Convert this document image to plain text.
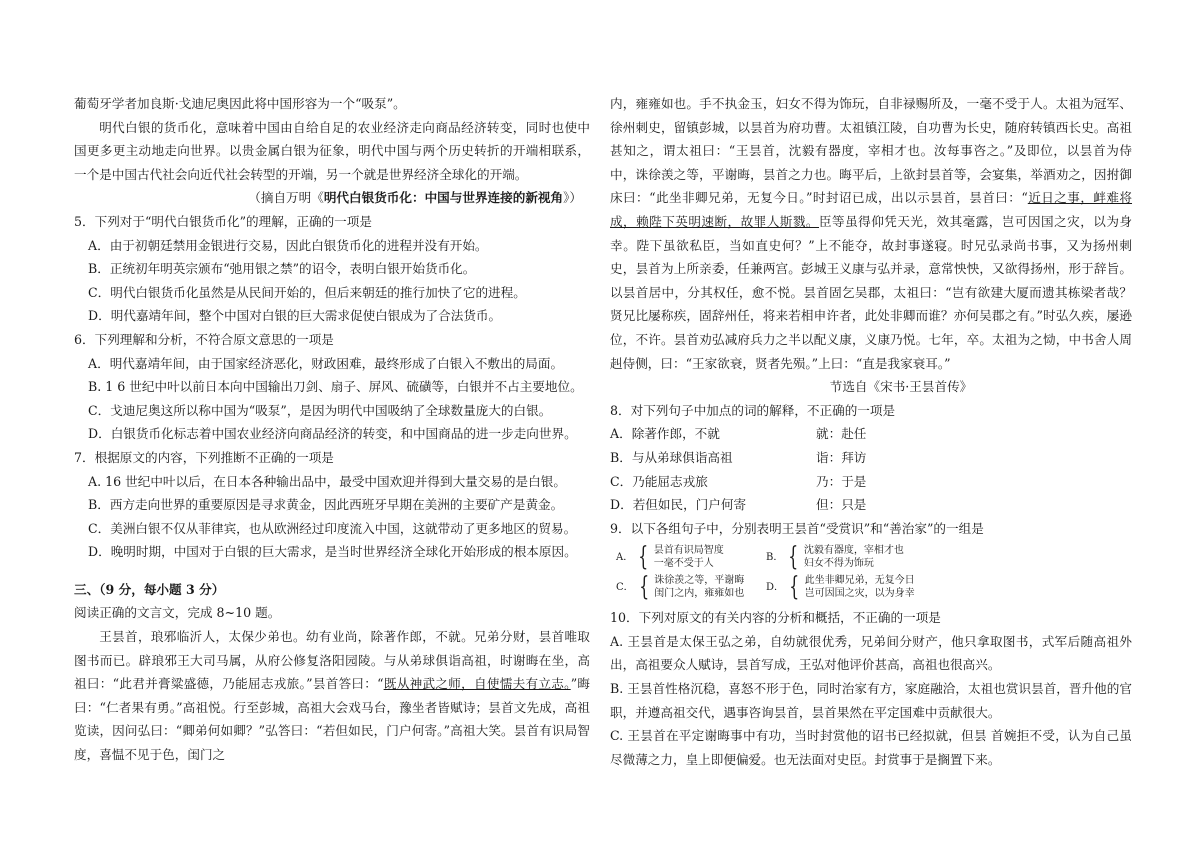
葡萄牙学者加良斯·戈迪尼奥因此将中国形容为一个“吸泵”。

明代白银的货币化，意味着中国由自给自足的农业经济走向商品经济转变，同时也使中国更多更主动地走向世界。以贵金属白银为征象，明代中国与两个历史转折的开端相联系，一个是中国古代社会向近代社会转型的开端，另一个就是世界经济全球化的开端。

（摘自万明《明代白银货币化：中国与世界连接的新视角》）

5．下列对于“明代白银货币化”的理解，正确的一项是

A．由于初朝廷禁用金银进行交易，因此白银货币化的进程并没有开始。

B．正统初年明英宗颁布“弛用银之禁”的诏令，表明白银开始货币化。

C．明代白银货币化虽然是从民间开始的，但后来朝廷的推行加快了它的进程。

D．明代嘉靖年间，整个中国对白银的巨大需求促使白银成为了合法货币。

6．下列理解和分析，不符合原文意思的一项是

A．明代嘉靖年间，由于国家经济恶化，财政困难，最终形成了白银入不敷出的局面。

B. 1 6 世纪中叶以前日本向中国输出刀剑、扇子、屏风、硫磺等，白银并不占主要地位。

C．戈迪尼奥这所以称中国为“吸泵”，是因为明代中国吸纳了全球数量庞大的白银。

D．白银货币化标志着中国农业经济向商品经济的转变，和中国商品的进一步走向世界。

7．根据原文的内容，下列推断不正确的一项是

A. 16 世纪中叶以后，在日本各种输出品中，最受中国欢迎并得到大量交易的是白银。

B．西方走向世界的重要原因是寻求黄金，因此西班牙早期在美洲的主要矿产是黄金。

C．美洲白银不仅从菲律宾，也从欧洲经过印度流入中国，这就带动了更多地区的贸易。

D．晚明时期，中国对于白银的巨大需求，是当时世界经济全球化开始形成的根本原因。

三、（9 分，每小题 3 分）

阅读正确的文言文，完成 8~10 题。

王昙首，琅邪临沂人，太保少弟也。幼有业尚，除著作郎，不就。兄弟分财，昙首唯取图书而已。辟琅邪王大司马属，从府公修复洛阳园陵。与从弟球俱诣高祖，时谢晦在坐，高祖曰：“此君并膏粱盛德，乃能屈志戎旅。”昙首答曰：“既从神武之师，自使懦夫有立志。”晦曰：“仁者果有勇。”高祖悦。行至彭城，高祖大会戏马台，豫坐者皆赋诗；昙首文先成，高祖览读，因问弘曰：“卿弟何如卿？”弘答曰：“若但如民，门户何寄。”高祖大笑。昙首有识局智度，喜愠不见于色，闺门之

内，雍雍如也。手不执金玉，妇女不得为饰玩，自非禄赐所及，一毫不受于人。太祖为冠军、徐州刺史，留镇彭城，以昙首为府功曹。太祖镇江陵，自功曹为长史，随府转镇西长史。高祖甚知之，谓太祖曰：“王昙首，沈毅有器度，宰相才也。汝每事咨之。”及即位，以昙首为侍中，诛徐羡之等，平谢晦，昙首之力也。晦平后，上欲封昙首等，会宴集，举酒劝之，因拊御床曰：“此坐非卿兄弟，无复今日。”时封诏已成，出以示昙首，昙首曰：“近日之事，衅难将成，赖陛下英明速断，故罪人斯戮。臣等虽得仰凭天光，效其毫露，岂可因国之灾，以为身幸。陛下虽欲私臣，当如直史何？”上不能夺，故封事遂寝。时兄弘录尚书事，又为扬州刺史，昙首为上所亲委，任兼两宫。彭城王义康与弘并录，意常怏怏，又欲得扬州，形于辞旨。以昙首居中，分其权任，愈不悦。昙首固乞吴郡，太祖曰：“岂有欲建大厦而遗其栋梁者哉？贤兄比屡称疾，固辞州任，将来若相申许者，此处非卿而谁？亦何吴郡之有。”时弘久疾，屡逊位，不许。昙首劝弘减府兵力之半以配义康，义康乃悦。七年，卒。太祖为之恸，中书舍人周赳侍侧，曰：“王家欲衰，贤者先殒。”上曰：“直是我家衰耳。”

节选自《宋书·王昙首传》

8．对下列句子中加点的词的解释，不正确的一项是

A．除著作郎，不就	就：赴任
B．与从弟球俱诣高祖	诣：拜访
C．乃能屈志戎旅	乃：于是
D．若但如民，门户何寄	但：只是

9．以下各组句子中，分别表明王昙首“受赏识”和“善治家”的一组是

A． { 昙首有识局智度
一毫不受于人
B． { 沈毅有器度，宰相才也
妇女不得为饰玩
C． { 诛徐羡之等，平谢晦
闺门之内，雍雍如也
D． { 此坐非卿兄弟，无复今日
岂可因国之灾，以为身幸

10．下列对原文的有关内容的分析和概括，不正确的一项是

A. 王昙首是太保王弘之弟，自幼就很优秀，兄弟间分财产，他只拿取图书，式军后随高祖外出，高祖要众人赋诗，昙首写成，王弘对他评价甚高，高祖也很高兴。

B. 王昙首性格沉稳，喜怒不形于色，同时治家有方，家庭融洽，太祖也赏识昙首，晋升他的官职，并遵高祖交代，遇事咨询昙首，昙首果然在平定国难中贡献很大。

C. 王昙首在平定谢晦事中有功，当时封赏他的诏书已经拟就，但昙 首婉拒不受，认为自己虽尽微薄之力，皇上即便偏爱。也无法面对史臣。封赏事于是搁置下来。
